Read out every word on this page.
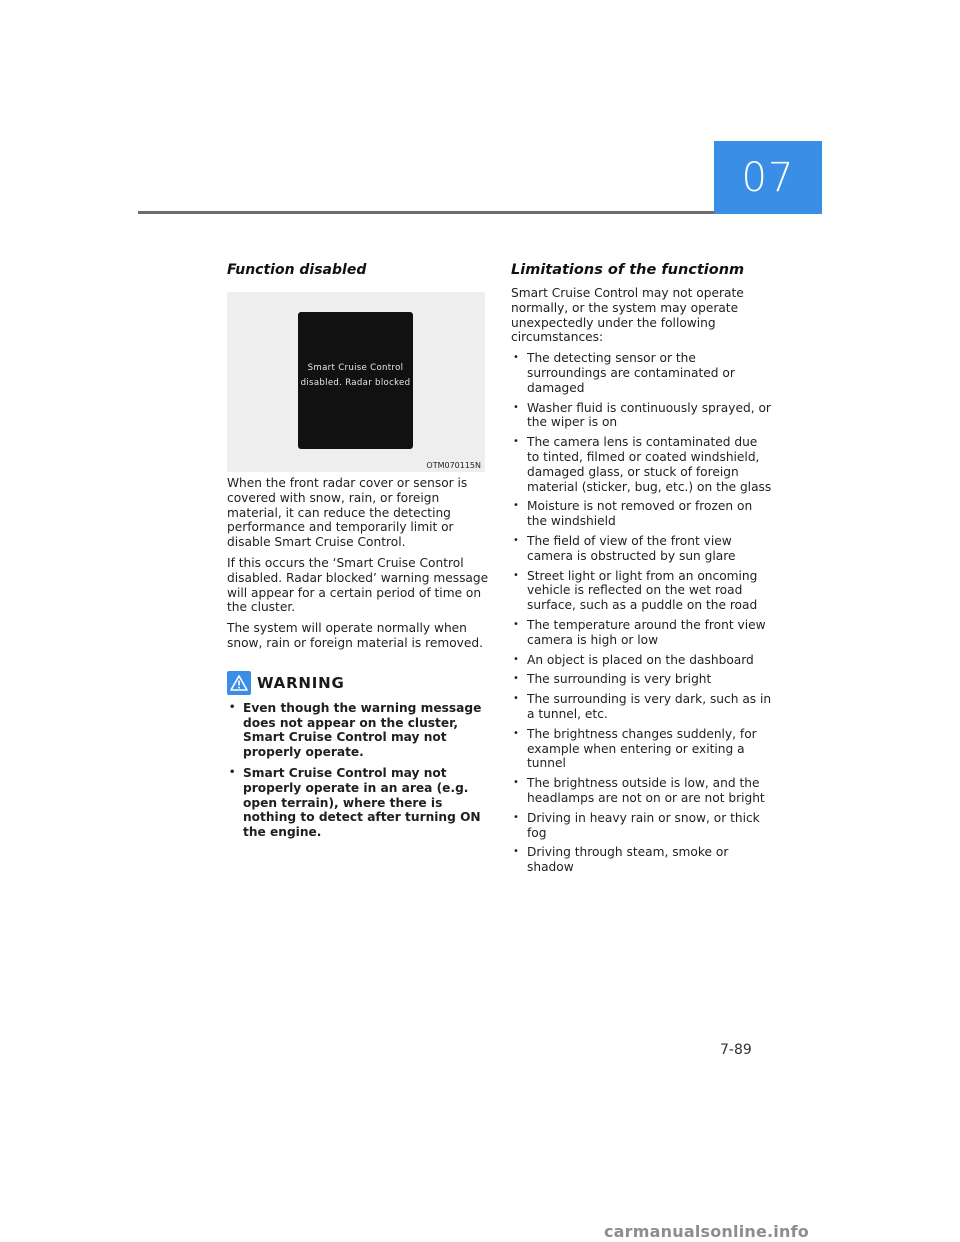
07
Function disabled
Smart Cruise Control
disabled. Radar blocked
OTM070115N

When the front radar cover or sensor is covered with snow, rain, or foreign material, it can reduce the detecting performance and temporarily limit or disable Smart Cruise Control.

If this occurs the ‘Smart Cruise Control disabled. Radar blocked’ warning message will appear for a certain period of time on the cluster.

The system will operate normally when snow, rain or foreign material is removed.

WARNING
• Even though the warning message does not appear on the cluster, Smart Cruise Control may not properly operate.
• Smart Cruise Control may not properly operate in an area (e.g. open terrain), where there is nothing to detect after turning ON the engine.
Limitations of the functionm

Smart Cruise Control may not operate normally, or the system may operate unexpectedly under the following circumstances:

• The detecting sensor or the surroundings are contaminated or damaged
• Washer fluid is continuously sprayed, or the wiper is on
• The camera lens is contaminated due to tinted, filmed or coated windshield, damaged glass, or stuck of foreign material (sticker, bug, etc.) on the glass
• Moisture is not removed or frozen on the windshield
• The field of view of the front view camera is obstructed by sun glare
• Street light or light from an oncoming vehicle is reflected on the wet road surface, such as a puddle on the road
• The temperature around the front view camera is high or low
• An object is placed on the dashboard
• The surrounding is very bright
• The surrounding is very dark, such as in a tunnel, etc.
• The brightness changes suddenly, for example when entering or exiting a tunnel
• The brightness outside is low, and the headlamps are not on or are not bright
• Driving in heavy rain or snow, or thick fog
• Driving through steam, smoke or shadow
7-89
carmanualsonline.info
